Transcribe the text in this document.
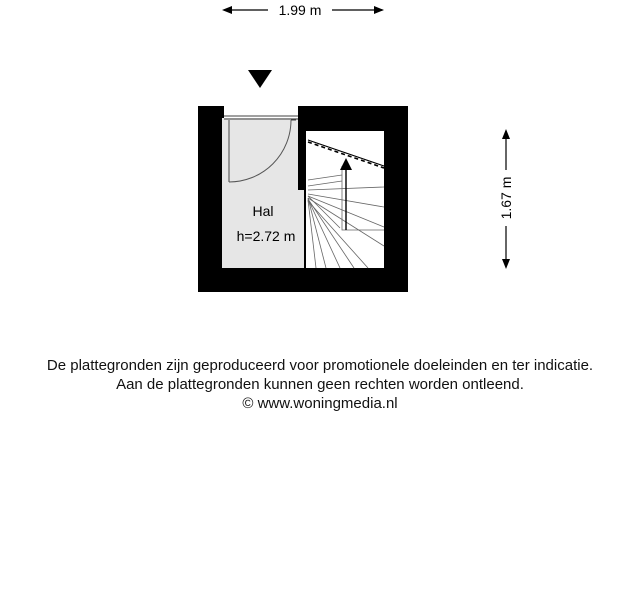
1.99 m
Hal
h=2.72 m
1.67 m
De plattegronden zijn geproduceerd voor promotionele doeleinden en ter indicatie.
Aan de plattegronden kunnen geen rechten worden ontleend.
© www.woningmedia.nl
